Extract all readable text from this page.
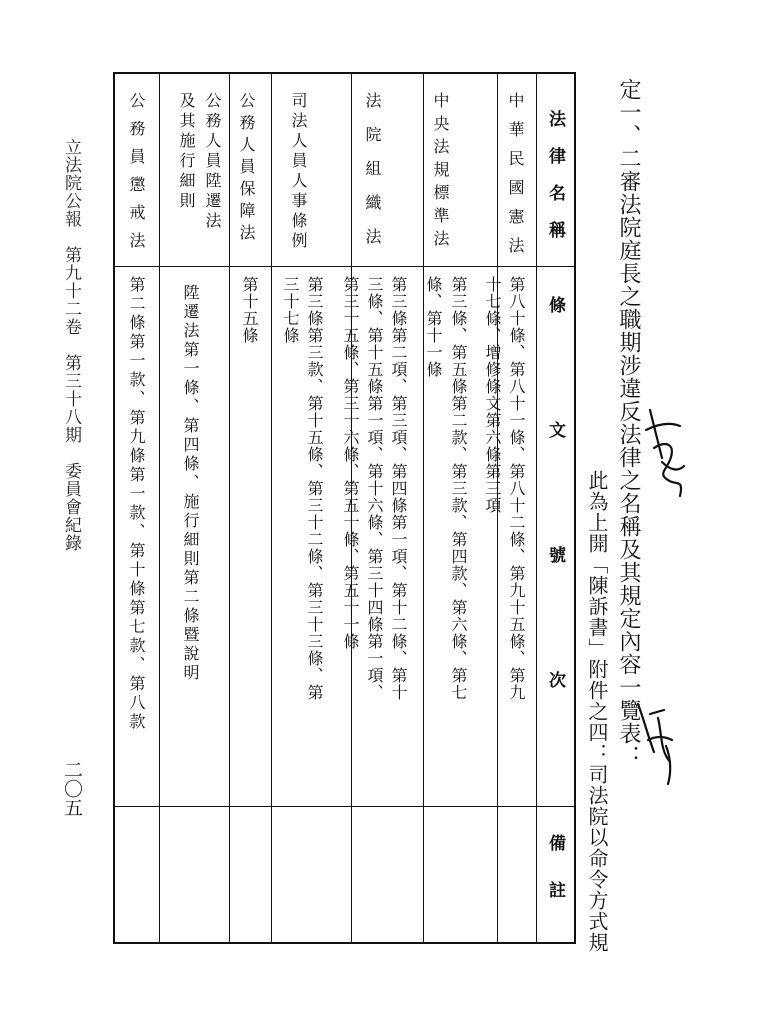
定一、二審法院庭長之職期涉違反法律之名稱及其規定內容一覽表：
此為上開「陳訴書」附件之四：司法院以命令方式規
立法院公報　第九十二卷　第三十八期　委員會紀錄
二〇五
法律名稱
條文號次
備註
中華民國憲法
第八十條、第八十一條、第八十二條、第九十五條、第九
十七條、增修條文第六條第三項
中央法規標準法
第三條、第五條第二款、第三款、第四款、第六條、第七
條、第十一條
法院組織法
第三條第二項、第三項、第四條第一項、第十二條、第十
三條、第十五條第一項、第十六條、第三十四條第一項、
第三十五條、第三十六條、第五十條、第五十一條
司法人員人事條例
第三條第三款、第十五條、第三十二條、第三十三條、第
三十七條
公務人員保障法
第十五條
公務人員陞遷法
及其施行細則
陞遷法第一條、第四條、施行細則第二條暨說明
公務員懲戒法
第二條第一款、第九條第一款、第十條第七款、第八款
